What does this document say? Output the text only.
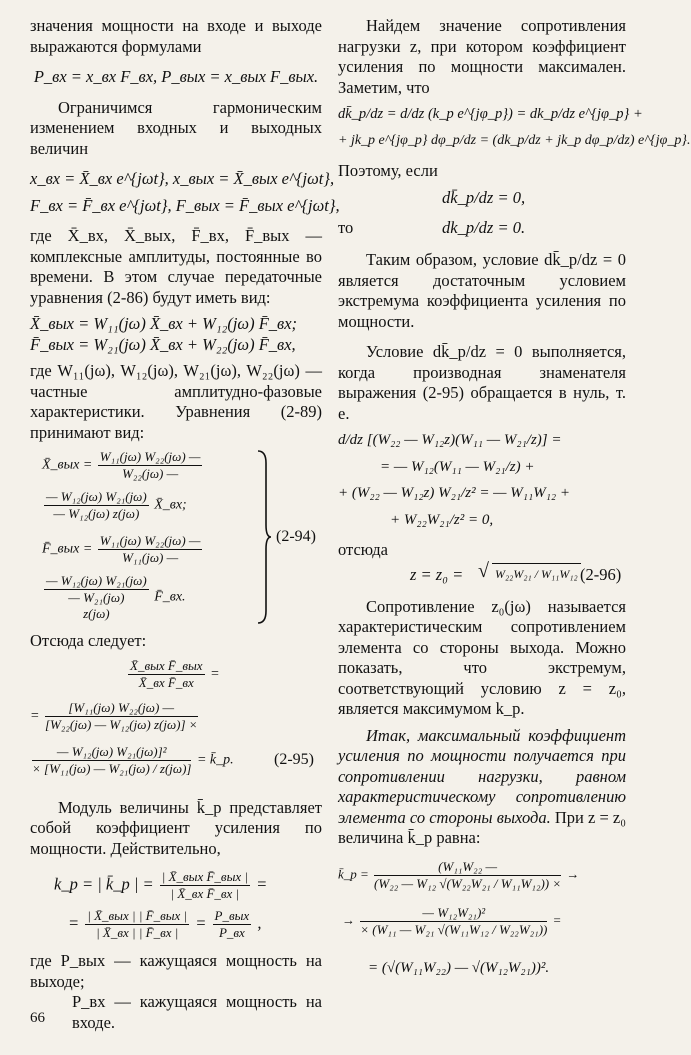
значения мощности на входе и выходе выражаются формулами

P_вх = x_вх F_вх, P_вых = x_вых F_вых.

Ограничимся гармоническим изменением входных и выходных величин

x_вх = X̄_вх e^{jωt}, x_вых = X̄_вых e^{jωt},
F_вх = F̄_вх e^{jωt}, F_вых = F̄_вых e^{jωt},

где X̄_вх, X̄_вых, F̄_вх, F̄_вых — комплексные амплитуды, постоянные во времени. В этом случае передаточные уравнения (2-86) будут иметь вид:

X̄_вых = W₁₁(jω) X̄_вх + W₁₂(jω) F̄_вх;
F̄_вых = W₂₁(jω) X̄_вх + W₂₂(jω) F̄_вх,

где W₁₁(jω), W₁₂(jω), W₂₁(jω), W₂₂(jω) — частные амплитудно-фазовые характеристики. Уравнения (2-89) принимают вид:

X̄_вых = $\frac{\text{W₁₁(jω) W₂₂(jω) —}}{\text{W₂₂(jω) —}}$
$\frac{\text{— W₁₂(jω) W₂₁(jω)}}{\text{— W₁₂(jω) z(jω)}}$ X̄_вх;
F̄_вых = $\frac{\text{W₁₁(jω) W₂₂(jω) —}}{\text{W₁₁(jω) —}}$
— W₁₂(jω) W₂₁(jω)
— W₂₁(jω)
z(jω)
F̄_вх.
(2-94)

Отсюда следует:

$\frac{\text{X̄\_вых F̄\_вых}}{\text{X̄\_вх F̄\_вх}}$ =
= $\frac{\text{[W₁₁(jω) W₂₂(jω) —}}{\text{[W₂₂(jω) — W₁₂(jω) z(jω)] ×}}$
$\frac{\text{— W₁₂(jω) W₂₁(jω)]²}}{\text{× [W₁₁(jω) — W₂₁(jω) / z(jω)]}}$ = k̄_p.	(2-95)

Модуль величины k̄_p представляет собой коэффициент усиления по мощности. Действительно,

k_p = | k̄_p | = $\frac{\text{| X̄\_вых F̄\_вых |}}{\text{| X̄\_вх F̄\_вх |}}$ =
= $\frac{\text{| X̄\_вых | | F̄\_вых |}}{| X̄\_вх | | F̄\_вх |} = \frac{\text{P\_вых}}{P\_вх}$ ,

где P_вых — кажущаяся мощность на выходе;

P_вх — кажущаяся мощность на входе.

Найдем значение сопротивления нагрузки z, при котором коэффициент усиления по мощности максимален. Заметим, что

dk̄_p/dz = d/dz (k_p e^{jφ_p}) = dk_p/dz e^{jφ_p} +
+ jk_p e^{jφ_p} dφ_p/dz = (dk_p/dz + jk_p dφ_p/dz) e^{jφ_p}.

Поэтому, если

dk̄_p/dz = 0,
то	dk_p/dz = 0.

Таким образом, условие dk̄_p/dz = 0 является достаточным условием экстремума коэффициента усиления по мощности.

Условие dk̄_p/dz = 0 выполняется, когда производная знаменателя выражения (2-95) обращается в нуль, т. е.

d/dz [(W₂₂ — W₁₂z)(W₁₁ — W₂₁/z)] =
= — W₁₂(W₁₁ — W₂₁/z) +
+ (W₂₂ — W₁₂z) W₂₁/z² = — W₁₁W₁₂ +
+ W₂₂W₂₁/z² = 0,

отсюда

z = z₀ = √ W₂₂W₂₁ / W₁₁W₁₂ (2-96)

Сопротивление z₀(jω) называется характеристическим сопротивлением элемента со стороны выхода. Можно показать, что экстремум, соответствующий условию z = z₀, является максимумом k_p.

Итак, максимальный коэффициент усиления по мощности получается при сопротивлении нагрузки, равном характеристическому сопротивлению элемента со стороны выхода. При z = z₀ величина k̄_p равна:

k̄_p = $\frac{\text{(W₁₁W₂₂ —}}{\text{(W₂₂ — W₁₂ √(W₂₂W₂₁ / W₁₁W₁₂)) ×}}$ →
→ $\frac{\text{— W₁₂W₂₁)²}}{\text{× (W₁₁ — W₂₁ √(W₁₁W₁₂ / W₂₂W₂₁))}}$ =
= (√(W₁₁W₂₂) — √(W₁₂W₂₁))².
66
